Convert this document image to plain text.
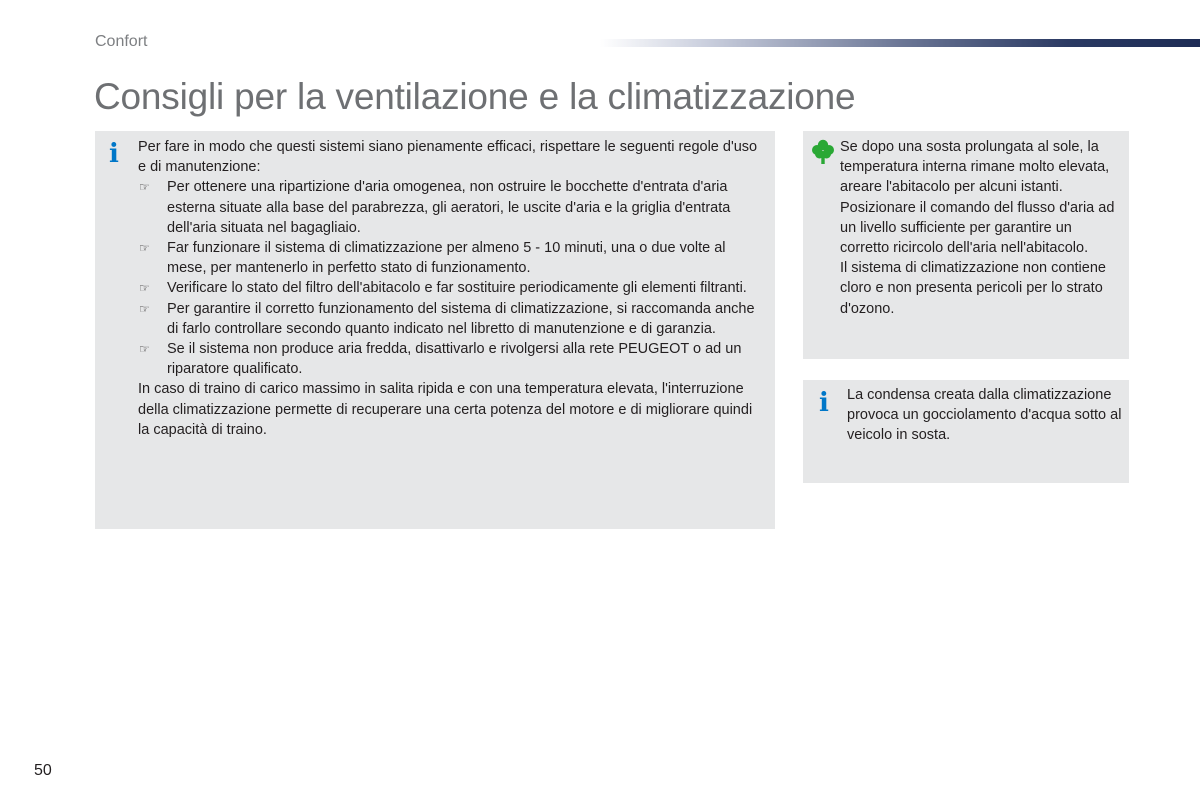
Confort
Consigli per la ventilazione e la climatizzazione
i Per fare in modo che questi sistemi siano pienamente efficaci, rispettare le seguenti regole d'uso e di manutenzione:

☞ Per ottenere una ripartizione d'aria omogenea, non ostruire le bocchette d'entrata d'aria esterna situate alla base del parabrezza, gli aeratori, le uscite d'aria e la griglia d'entrata dell'aria situata nel bagagliaio.
☞ Far funzionare il sistema di climatizzazione per almeno 5 - 10 minuti, una o due volte al mese, per mantenerlo in perfetto stato di funzionamento.
☞ Verificare lo stato del filtro dell'abitacolo e far sostituire periodicamente gli elementi filtranti.
☞ Per garantire il corretto funzionamento del sistema di climatizzazione, si raccomanda anche di farlo controllare secondo quanto indicato nel libretto di manutenzione e di garanzia.
☞ Se il sistema non produce aria fredda, disattivarlo e rivolgersi alla rete PEUGEOT o ad un riparatore qualificato.

In caso di traino di carico massimo in salita ripida e con una temperatura elevata, l'interruzione della climatizzazione permette di recuperare una certa potenza del motore e di migliorare quindi la capacità di traino.

Se dopo una sosta prolungata al sole, la temperatura interna rimane molto elevata, areare l'abitacolo per alcuni istanti.

Posizionare il comando del flusso d'aria ad un livello sufficiente per garantire un corretto ricircolo dell'aria nell'abitacolo.

Il sistema di climatizzazione non contiene cloro e non presenta pericoli per lo strato d'ozono.

i La condensa creata dalla climatizzazione provoca un gocciolamento d'acqua sotto al veicolo in sosta.
50
